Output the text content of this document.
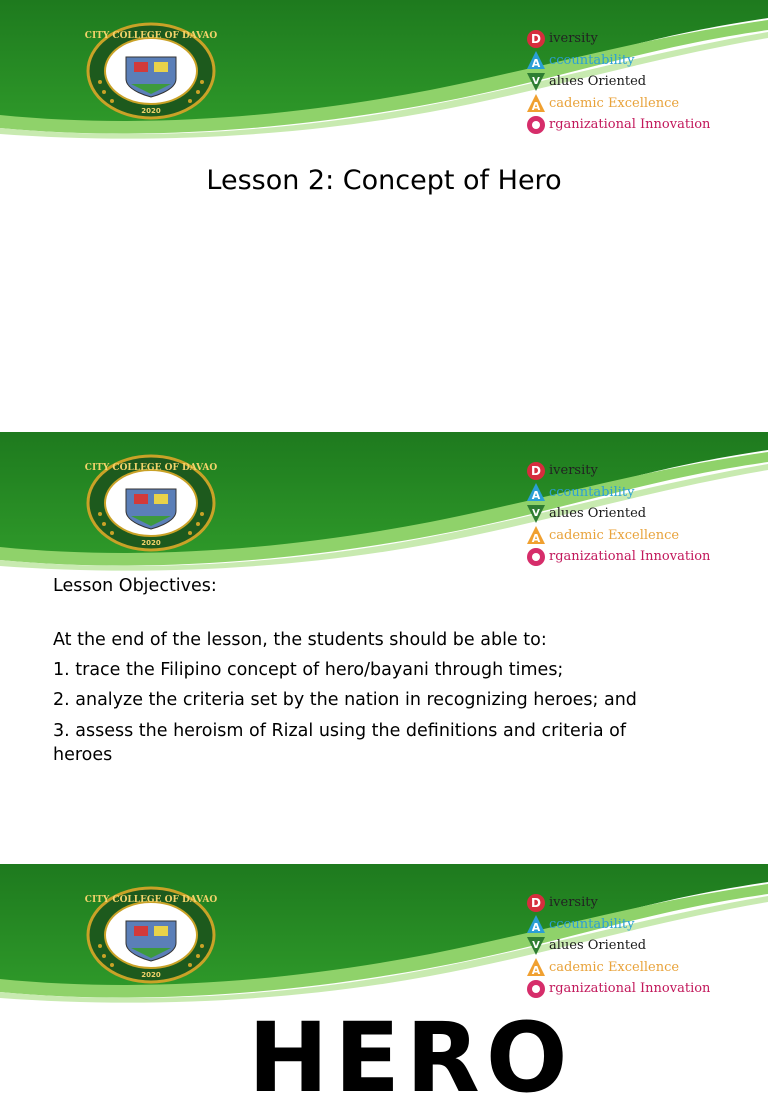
CITY COLLEGE OF DAVAO
2020
D iversity
A ccountability
V alues Oriented
A cademic Excellence
rganizational Innovation
Lesson 2: Concept of Hero
CITY COLLEGE OF DAVAO
2020
D iversity
A ccountability
V alues Oriented
A cademic Excellence
rganizational Innovation

Lesson Objectives:

At the end of the lesson, the students should be able to:

1. trace the Filipino concept of hero/bayani through times;

2. analyze the criteria set by the nation in recognizing heroes; and

3. assess the heroism of Rizal using the definitions and criteria of heroes

CITY COLLEGE OF DAVAO
2020
D iversity
A ccountability
V alues Oriented
A cademic Excellence
rganizational Innovation
HERO
